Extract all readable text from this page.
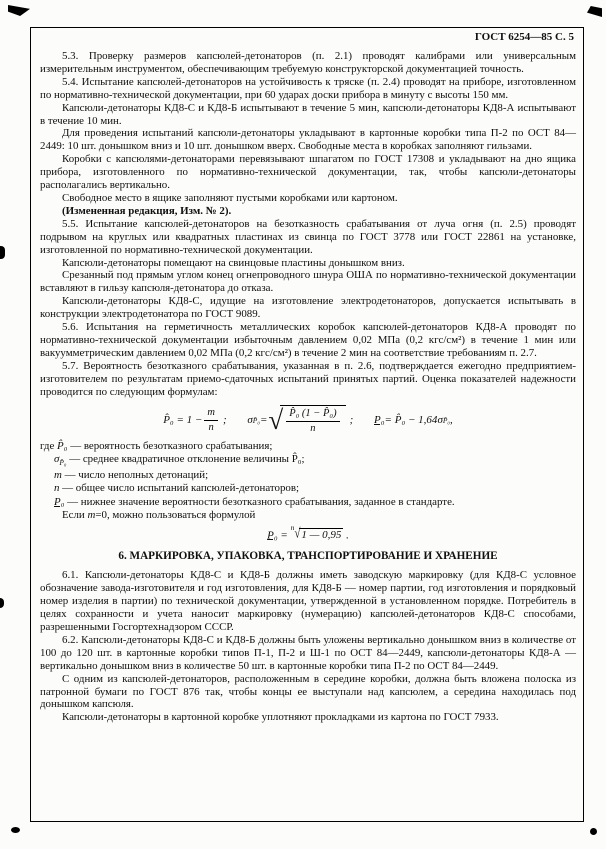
ГОСТ 6254—85 С. 5

5.3. Проверку размеров капсюлей-детонаторов (п. 2.1) проводят калибрами или универсальным измерительным инструментом, обеспечивающим требуемую конструкторской документацией точность.

5.4. Испытание капсюлей-детонаторов на устойчивость к тряске (п. 2.4) проводят на приборе, изготовленном по нормативно-технической документации, при 60 ударах доски прибора в минуту с высоты 150 мм.

Капсюли-детонаторы КД8-С и КД8-Б испытывают в течение 5 мин, капсюли-детонаторы КД8-А испытывают в течение 10 мин.

Для проведения испытаний капсюли-детонаторы укладывают в картонные коробки типа П-2 по ОСТ 84—2449: 10 шт. донышком вниз и 10 шт. донышком вверх. Свободные места в коробках заполняют гильзами.

Коробки с капсюлями-детонаторами перевязывают шпагатом по ГОСТ 17308 и укладывают на дно ящика прибора, изготовленного по нормативно-технической документации, так, чтобы капсюли-детонаторы располагались вертикально.

Свободное место в ящике заполняют пустыми коробками или картоном.

(Измененная редакция, Изм. № 2).

5.5. Испытание капсюлей-детонаторов на безотказность срабатывания от луча огня (п. 2.5) проводят подрывом на круглых или квадратных пластинах из свинца по ГОСТ 3778 или ГОСТ 22861 на установке, изготовленной по нормативно-технической документации.

Капсюли-детонаторы помещают на свинцовые пластины донышком вниз.

Срезанный под прямым углом конец огнепроводного шнура ОША по нормативно-технической документации вставляют в гильзу капсюля-детонатора до отказа.

Капсюли-детонаторы КД8-С, идущие на изготовление электродетонаторов, допускается испытывать в конструкции электродетонатора по ГОСТ 9089.

5.6. Испытания на герметичность металлических коробок капсюлей-детонаторов КД8-А проводят по нормативно-технической документации избыточным давлением 0,02 МПа (0,2 кгс/см²) в течение 1 мин или вакуумметрическим давлением 0,02 МПа (0,2 кгс/см²) в течение 2 мин на соответствие требованиям п. 2.7.

5.7. Вероятность безотказного срабатывания, указанная в п. 2.6, подтверждается ежегодно предприятием-изготовителем по результатам приемо-сдаточных испытаний принятых партий. Оценка показателей надежности проводится по следующим формулам:

P̂₀ = $1 - \frac{m}{n}$ ;
σ P̂₀ = √ $\frac{\text{P̂₀ (1 − P̂₀)}}{n}$ ;
P₀ = P̂₀ − 1,64 σ P̂₀ ,

где P̂₀ — вероятность безотказного срабатывания;

$\sigma_{P̂_0}$ — среднее квадратичное отклонение величины P̂₀;

m — число неполных детонаций;

n — общее число испытаний капсюлей-детонаторов;

P₀ — нижнее значение вероятности безотказного срабатывания, заданное в стандарте.

Если m=0, можно пользоваться формулой

P₀ = $^n$√1 — 0,95 .
6. МАРКИРОВКА, УПАКОВКА, ТРАНСПОРТИРОВАНИЕ И ХРАНЕНИЕ

6.1. Капсюли-детонаторы КД8-С и КД8-Б должны иметь заводскую маркировку (для КД8-С условное обозначение завода-изготовителя и год изготовления, для КД8-Б — номер партии, год изготовления и порядковый номер изделия в партии) по технической документации, утвержденной в установленном порядке. Потребитель в целях сохранности и учета наносит маркировку (нумерацию) капсюлей-детонаторов КД8-С способами, разрешенными Госгортехнадзором СССР.

6.2. Капсюли-детонаторы КД8-С и КД8-Б должны быть уложены вертикально донышком вниз в количестве от 100 до 120 шт. в картонные коробки типов П-1, П-2 и Ш-1 по ОСТ 84—2449, капсюли-детонаторы КД8-А — вертикально донышком вниз в количестве 50 шт. в картонные коробки типа П-2 по ОСТ 84—2449.

С одним из капсюлей-детонаторов, расположенным в середине коробки, должна быть вложена полоска из патронной бумаги по ГОСТ 876 так, чтобы концы ее выступали над капсюлем, а середина находилась под донышком капсюля.

Капсюли-детонаторы в картонной коробке уплотняют прокладками из картона по ГОСТ 7933.
